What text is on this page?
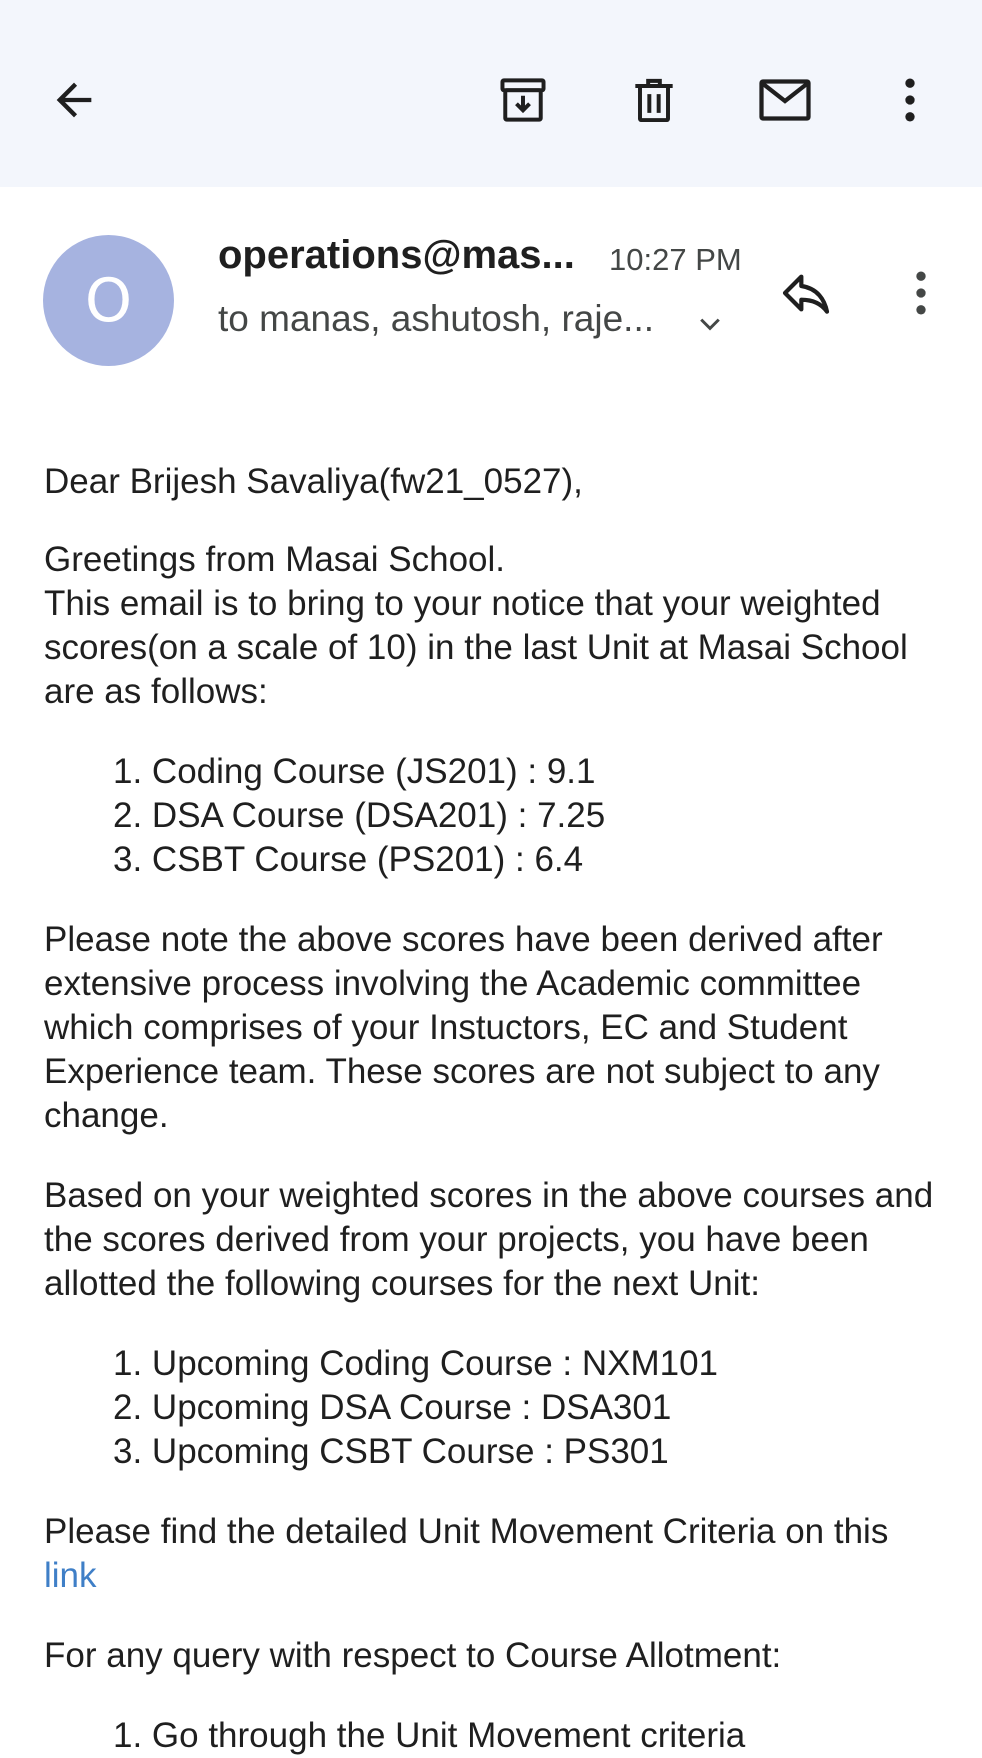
O
operations@mas... 10:27 PM
to manas, ashutosh, raje...

Dear Brijesh Savaliya(fw21_0527),

Greetings from Masai School.

This email is to bring to your notice that your weighted scores(on a scale of 10) in the last Unit at Masai School are as follows:

1. Coding Course (JS201) : 9.1

2. DSA Course (DSA201) : 7.25

3. CSBT Course (PS201) : 6.4

Please note the above scores have been derived after extensive process involving the Academic committee which comprises of your Instuctors, EC and Student Experience team. These scores are not subject to any change.

Based on your weighted scores in the above courses and the scores derived from your projects, you have been allotted the following courses for the next Unit:

1. Upcoming Coding Course : NXM101

2. Upcoming DSA Course : DSA301

3. Upcoming CSBT Course : PS301

Please find the detailed Unit Movement Criteria on this link

For any query with respect to Course Allotment:

1. Go through the Unit Movement criteria
